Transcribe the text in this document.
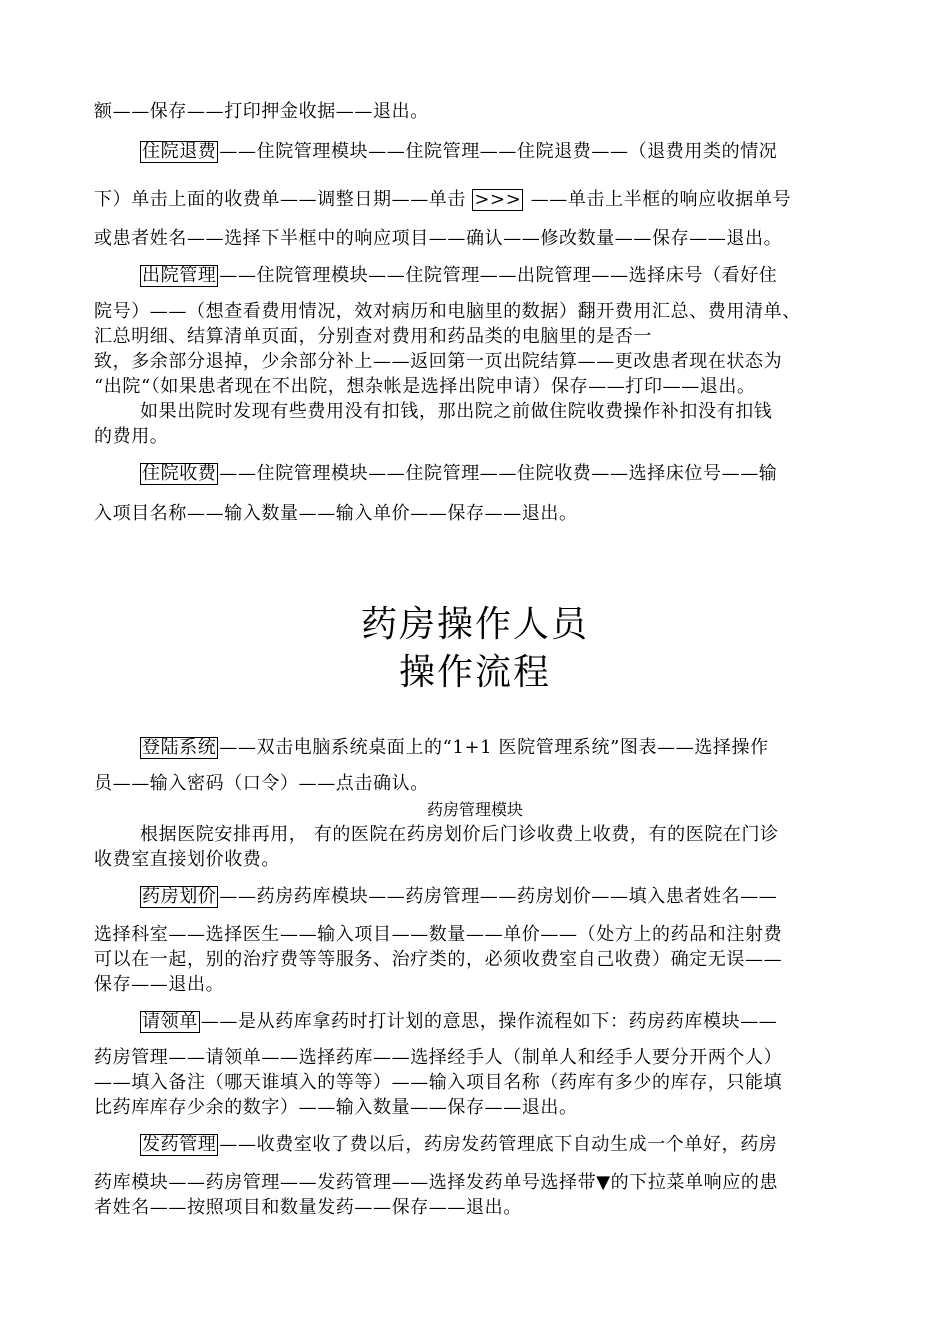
额——保存——打印押金收据——退出。
住院退费 ——住院管理模块——住院管理——住院退费——（退费用类的情况
下）单击上面的收费单——调整日期——单击 >>> ——单击上半框的响应收据单号
或患者姓名——选择下半框中的响应项目——确认——修改数量——保存——退出。
出院管理 ——住院管理模块——住院管理——出院管理——选择床号（看好住
院号）——（想查看费用情况，效对病历和电脑里的数据）翻开费用汇总、费用清单、
汇总明细、结算清单页面，分别查对费用和药品类的电脑里的是否一
致，多余部分退掉，少余部分补上——返回第一页出院结算——更改患者现在状态为
“出院“（如果患者现在不出院，想杂帐是选择出院申请）保存——打印——退出。
如果出院时发现有些费用没有扣钱，那出院之前做住院收费操作补扣没有扣钱
的费用。
住院收费 ——住院管理模块——住院管理——住院收费——选择床位号——输
入项目名称——输入数量——输入单价——保存——退出。
药房操作人员
操作流程
登陆系统 ——双击电脑系统桌面上的“1+1 医院管理系统”图表——选择操作
员——输入密码（口令）——点击确认。
药房管理模块
根据医院安排再用， 有的医院在药房划价后门诊收费上收费，有的医院在门诊
收费室直接划价收费。
药房划价 ——药房药库模块——药房管理——药房划价——填入患者姓名——
选择科室——选择医生——输入项目——数量——单价——（处方上的药品和注射费
可以在一起，别的治疗费等等服务、治疗类的，必须收费室自己收费）确定无误——
保存——退出。
请领单 ——是从药库拿药时打计划的意思，操作流程如下：药房药库模块——
药房管理——请领单——选择药库——选择经手人（制单人和经手人要分开两个人）
——填入备注（哪天谁填入的等等）——输入项目名称（药库有多少的库存，只能填
比药库库存少余的数字）——输入数量——保存——退出。
发药管理 ——收费室收了费以后，药房发药管理底下自动生成一个单好，药房
药库模块——药房管理——发药管理——选择发药单号选择带▼的下拉菜单响应的患
者姓名——按照项目和数量发药——保存——退出。
